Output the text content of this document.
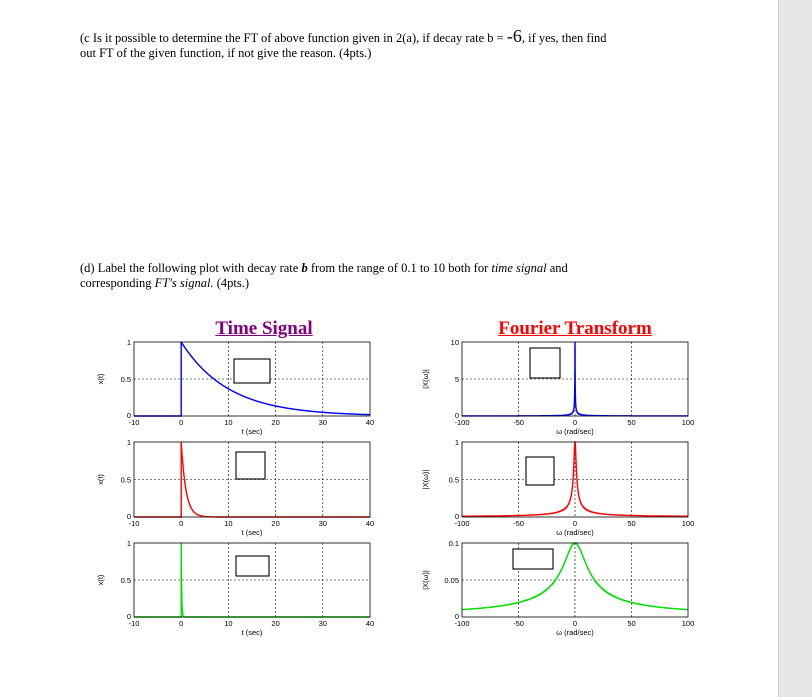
(c Is it possible to determine the FT of above function given in 2(a), if decay rate b = -6, if yes, then find
out FT of the given function, if not give the reason. (4pts.)
(d) Label the following plot with decay rate b from the range of 0.1 to 10 both for time signal and
corresponding FT's signal. (4pts.)
Time Signal	Fourier Transform
-10	0	10	20	30	40
0
0.5
1
t (sec)
x(t)
-100	-50	0	50	100
0
5
10
ω (rad/sec)
|X(ω)|
-10	0	10	20	30	40
0
0.5
1
t (sec)
x(t)
-100	-50	0	50	100
0
0.5
1
ω (rad/sec)
|X(ω)|
-10	0	10	20	30	40
0
0.5
1
t (sec)
x(t)
-100	-50	0	50	100
0
0.05
0.1
ω (rad/sec)
|X(ω)|
